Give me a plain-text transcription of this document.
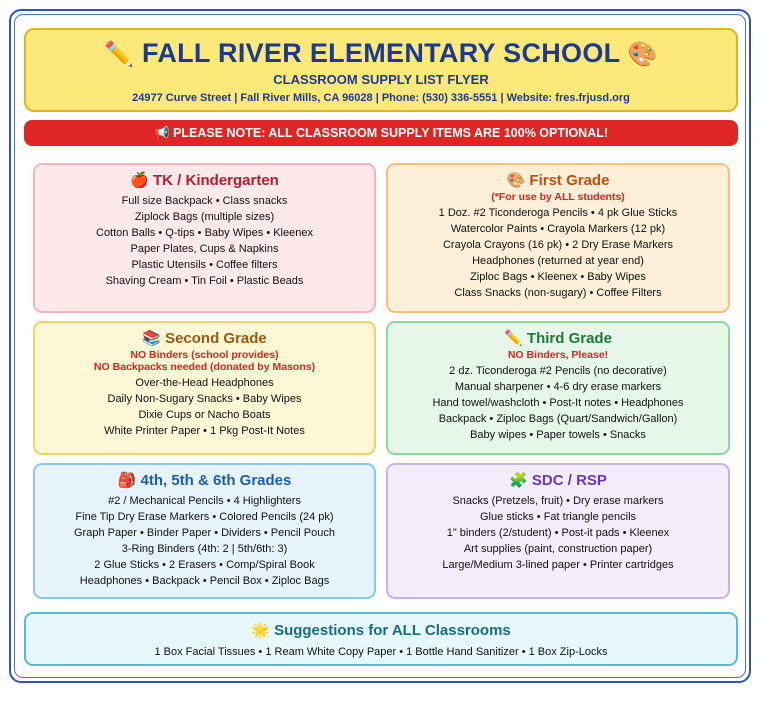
✏️ FALL RIVER ELEMENTARY SCHOOL 🎨
CLASSROOM SUPPLY LIST FLYER
24977 Curve Street | Fall River Mills, CA 96028 | Phone: (530) 336-5551 | Website: fres.frjusd.org
📢 PLEASE NOTE: ALL CLASSROOM SUPPLY ITEMS ARE 100% OPTIONAL!
🍎 TK / Kindergarten
Full size Backpack • Class snacks
Ziplock Bags (multiple sizes)
Cotton Balls • Q-tips • Baby Wipes • Kleenex
Paper Plates, Cups & Napkins
Plastic Utensils • Coffee filters
Shaving Cream • Tin Foil • Plastic Beads
🎨 First Grade
(*For use by ALL students)
1 Doz. #2 Ticonderoga Pencils • 4 pk Glue Sticks
Watercolor Paints • Crayola Markers (12 pk)
Crayola Crayons (16 pk) • 2 Dry Erase Markers
Headphones (returned at year end)
Ziploc Bags • Kleenex • Baby Wipes
Class Snacks (non-sugary) • Coffee Filters
📚 Second Grade
NO Binders (school provides)
NO Backpacks needed (donated by Masons)
Over-the-Head Headphones
Daily Non-Sugary Snacks • Baby Wipes
Dixie Cups or Nacho Boats
White Printer Paper • 1 Pkg Post-It Notes
✏️ Third Grade
NO Binders, Please!
2 dz. Ticonderoga #2 Pencils (no decorative)
Manual sharpener • 4-6 dry erase markers
Hand towel/washcloth • Post-It notes • Headphones
Backpack • Ziploc Bags (Quart/Sandwich/Gallon)
Baby wipes • Paper towels • Snacks
🎒 4th, 5th & 6th Grades
#2 / Mechanical Pencils • 4 Highlighters
Fine Tip Dry Erase Markers • Colored Pencils (24 pk)
Graph Paper • Binder Paper • Dividers • Pencil Pouch
3-Ring Binders (4th: 2 | 5th/6th: 3)
2 Glue Sticks • 2 Erasers • Comp/Spiral Book
Headphones • Backpack • Pencil Box • Ziploc Bags
🧩 SDC / RSP
Snacks (Pretzels, fruit) • Dry erase markers
Glue sticks • Fat triangle pencils
1" binders (2/student) • Post-it pads • Kleenex
Art supplies (paint, construction paper)
Large/Medium 3-lined paper • Printer cartridges
🌟 Suggestions for ALL Classrooms
1 Box Facial Tissues • 1 Ream White Copy Paper • 1 Bottle Hand Sanitizer • 1 Box Zip-Locks
